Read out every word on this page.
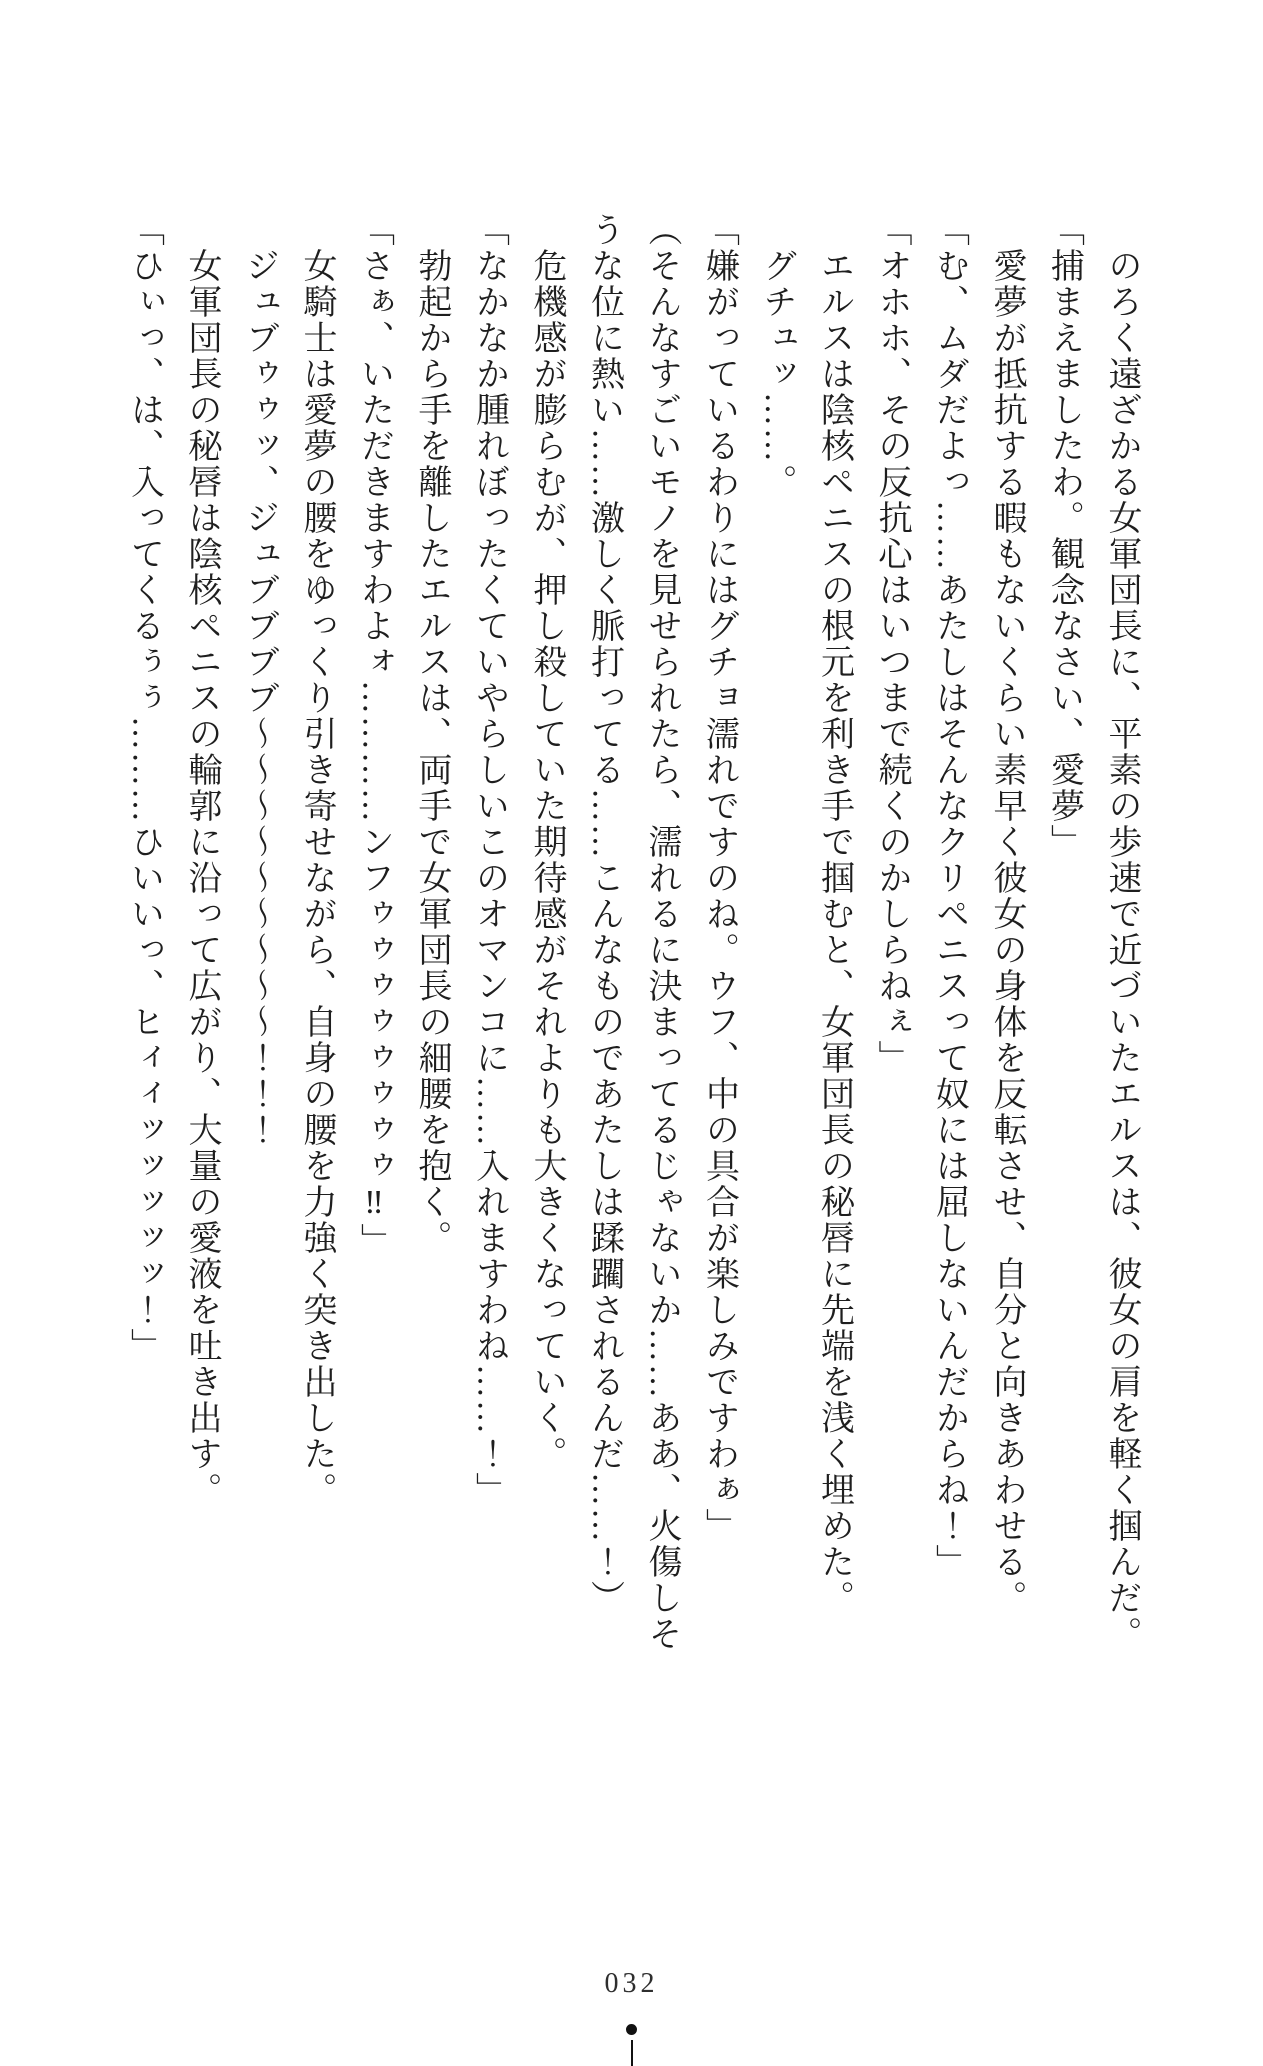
のろく遠ざかる女軍団長に、平素の歩速で近づいたエルスは、彼女の肩を軽く掴んだ。
「捕まえましたわ。観念なさい、愛夢」
愛夢が抵抗する暇もないくらい素早く彼女の身体を反転させ、自分と向きあわせる。
「む、ムダだよっ……あたしはそんなクリペニスって奴には屈しないんだからね！」
「オホホ、その反抗心はいつまで続くのかしらねぇ」
エルスは陰核ペニスの根元を利き手で掴むと、女軍団長の秘唇に先端を浅く埋めた。
グチュッ……。
「嫌がっているわりにはグチョ濡れですのね。ウフ、中の具合が楽しみですわぁ」
（そんなすごいモノを見せられたら、濡れるに決まってるじゃないか……ああ、火傷しそ
うな位に熱い……激しく脈打ってる……こんなものであたしは蹂躙されるんだ……！）
危機感が膨らむが、押し殺していた期待感がそれよりも大きくなっていく。
「なかなか腫れぼったくていやらしいこのオマンコに……入れますわね……！」
勃起から手を離したエルスは、両手で女軍団長の細腰を抱く。
「さぁ、いただきますわよォ…………ンフゥゥゥゥゥゥゥゥ‼」
女騎士は愛夢の腰をゆっくり引き寄せながら、自身の腰を力強く突き出した。
ジュブゥゥッ、ジュブブブブ〜〜〜〜〜〜〜〜〜！！！
女軍団長の秘唇は陰核ペニスの輪郭に沿って広がり、大量の愛液を吐き出す。
「ひぃっ、は、入ってくるぅぅ………ひいいっ、ヒィィッッッッッ！」
032
